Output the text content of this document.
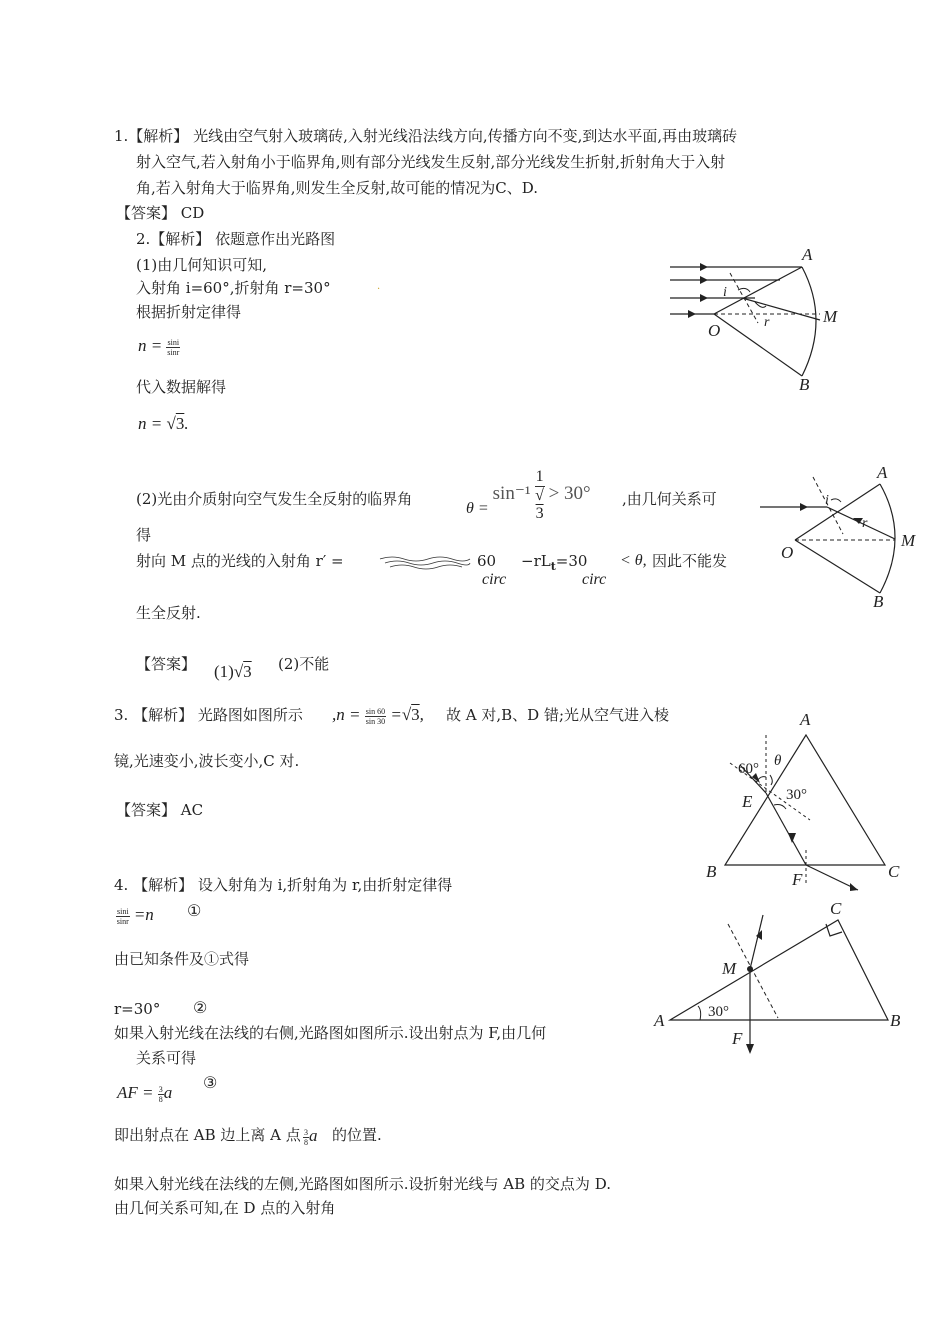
1.【解析】 光线由空气射入玻璃砖,入射光线沿法线方向,传播方向不变,到达水平面,再由玻璃砖
射入空气,若入射角小于临界角,则有部分光线发生反射,部分光线发生折射,折射角大于入射
角,若入射角大于临界角,则发生全反射,故可能的情况为C、D.
【答案】 CD
2.【解析】 依题意作出光路图
(1)由几何知识可知,
入射角 i=60°,折射角 r=30°	.
根据折射定律得
$n = \frac{\sin i}{\sin r}$
代入数据解得
n = √3.
(2)光由介质射向空气发生全反射的临界角
θ = sin⁻¹ 1
√
3 > 30° ,由几何关系可
得
射向 M 点的光线的入射角 r′ =	60
circ
$-rL_t=30$
circ
< θ, 因此不能发
生全反射.
【答案】 (1)√3 (2)不能
3. 【解析】 光路图如图所示 $,n = \frac{\sin 60}{\sin 30} =√3$, 故 A 对,B、D 错;光从空气进入棱
镜,光速变小,波长变小,C 对.
【答案】 AC
4. 【解析】 设入射角为 i,折射角为 r,由折射定律得
$\frac{\sin i}{\sin r} =n$ ①
由已知条件及①式得
r=30° ②
如果入射光线在法线的右侧,光路图如图所示.设出射点为 F,由几何
关系可得
AF = $\frac{3}{8}$ a
③
即出射点在 AB 边上离 A 点 $\frac{3}{8}$ a 的位置.
如果入射光线在法线的左侧,光路图如图所示.设折射光线与 AB 的交点为 D.
由几何关系可知,在 D 点的入射角
A
B
M
O
i
r
A
B
M
O
i
r
A
B	C
E
F
60° θ
30°
A	B
C
M
F
30°
